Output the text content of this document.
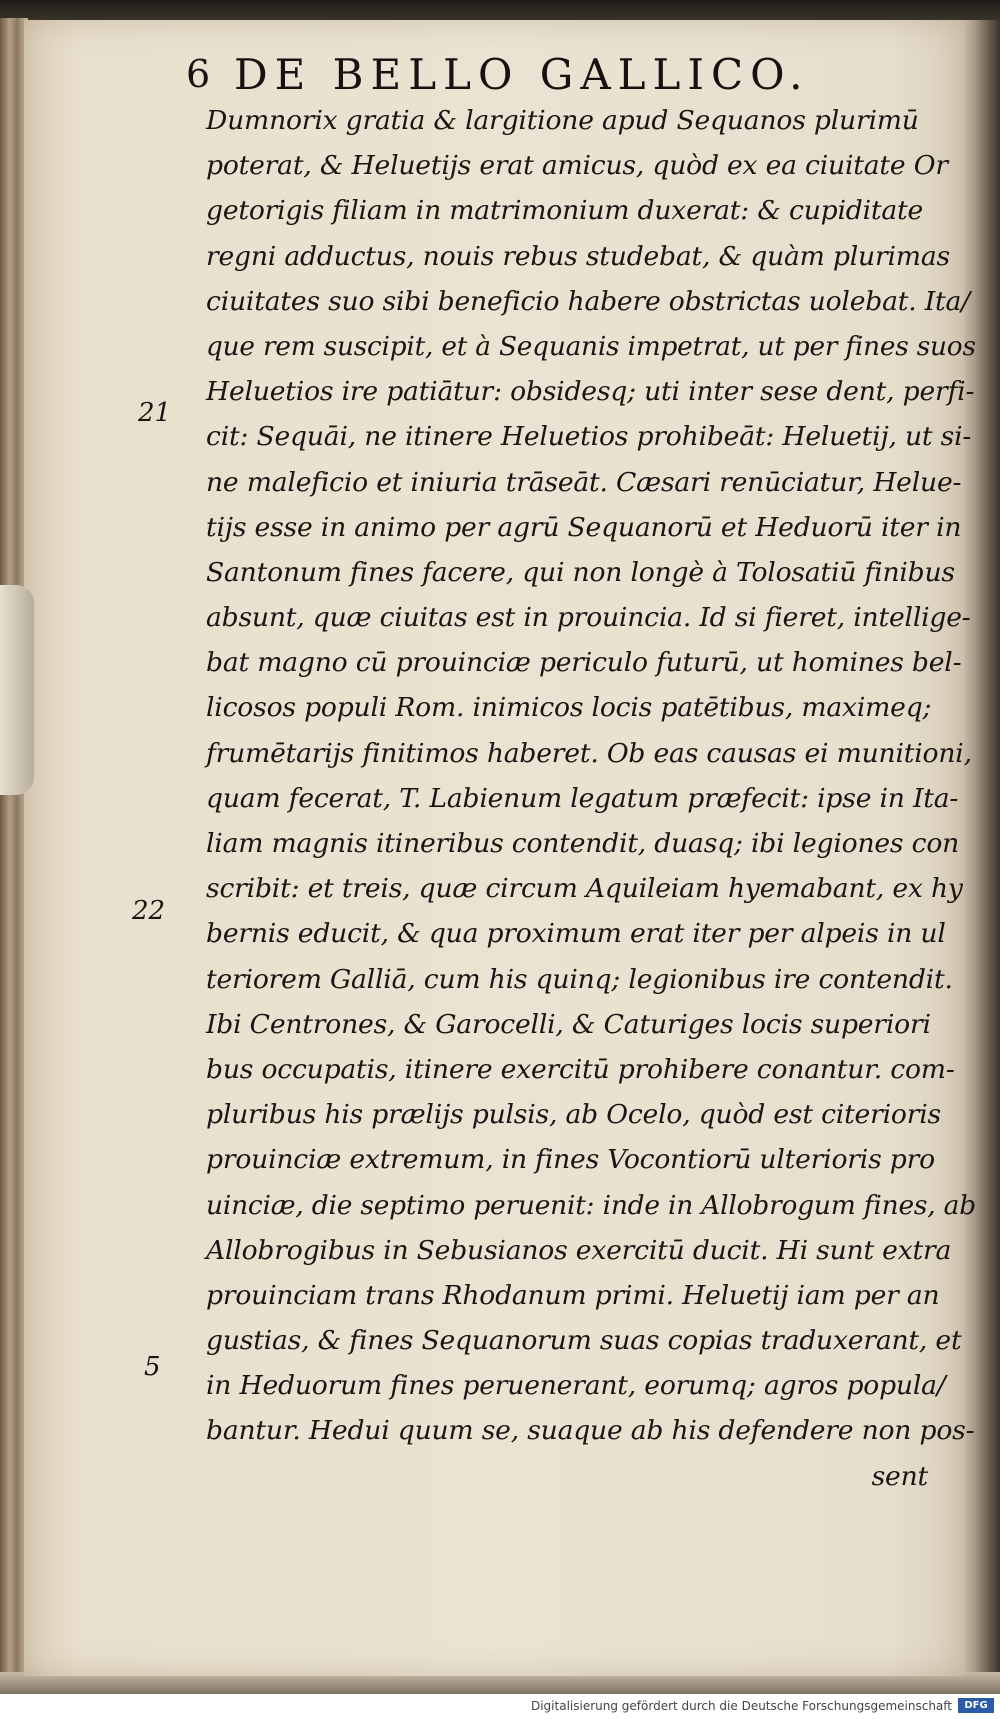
6 DE BELLO GALLICO.
Dumnorix gratia & largitione apud Sequanos plurimū
poterat, & Heluetijs erat amicus, quòd ex ea ciuitate Or
getorigis filiam in matrimonium duxerat: & cupiditate
regni adductus, nouis rebus studebat, & quàm plurimas
ciuitates suo sibi beneficio habere obstrictas uolebat. Ita/
que rem suscipit, et à Sequanis impetrat, ut per fines suos
Heluetios ire patiātur: obsidesq; uti inter sese dent, perfi-
cit: Sequāi, ne itinere Heluetios prohibeāt: Heluetij, ut si-
ne maleficio et iniuria trāseāt. Cæsari renūciatur, Helue-
tijs esse in animo per agrū Sequanorū et Heduorū iter in
Santonum fines facere, qui non longè à Tolosatiū finibus
absunt, quæ ciuitas est in prouincia. Id si fieret, intellige-
bat magno cū prouinciæ periculo futurū, ut homines bel-
licosos populi Rom. inimicos locis patētibus, maximeq;
frumētarijs finitimos haberet. Ob eas causas ei munitioni,
quam fecerat, T. Labienum legatum præfecit: ipse in Ita-
liam magnis itineribus contendit, duasq; ibi legiones con
scribit: et treis, quæ circum Aquileiam hyemabant, ex hy
bernis educit, & qua proximum erat iter per alpeis in ul
teriorem Galliā, cum his quinq; legionibus ire contendit.
Ibi Centrones, & Garocelli, & Caturiges locis superiori
bus occupatis, itinere exercitū prohibere conantur. com-
pluribus his prælijs pulsis, ab Ocelo, quòd est citerioris
prouinciæ extremum, in fines Vocontiorū ulterioris pro
uinciæ, die septimo peruenit: inde in Allobrogum fines, ab
Allobrogibus in Sebusianos exercitū ducit. Hi sunt extra
prouinciam trans Rhodanum primi. Heluetij iam per an
gustias, & fines Sequanorum suas copias traduxerant, et
in Heduorum fines peruenerant, eorumq; agros popula/
bantur. Hedui quum se, suaque ab his defendere non pos-
sent
21
22
5
Digitalisierung gefördert durch die Deutsche Forschungsgemeinschaft	DFG
